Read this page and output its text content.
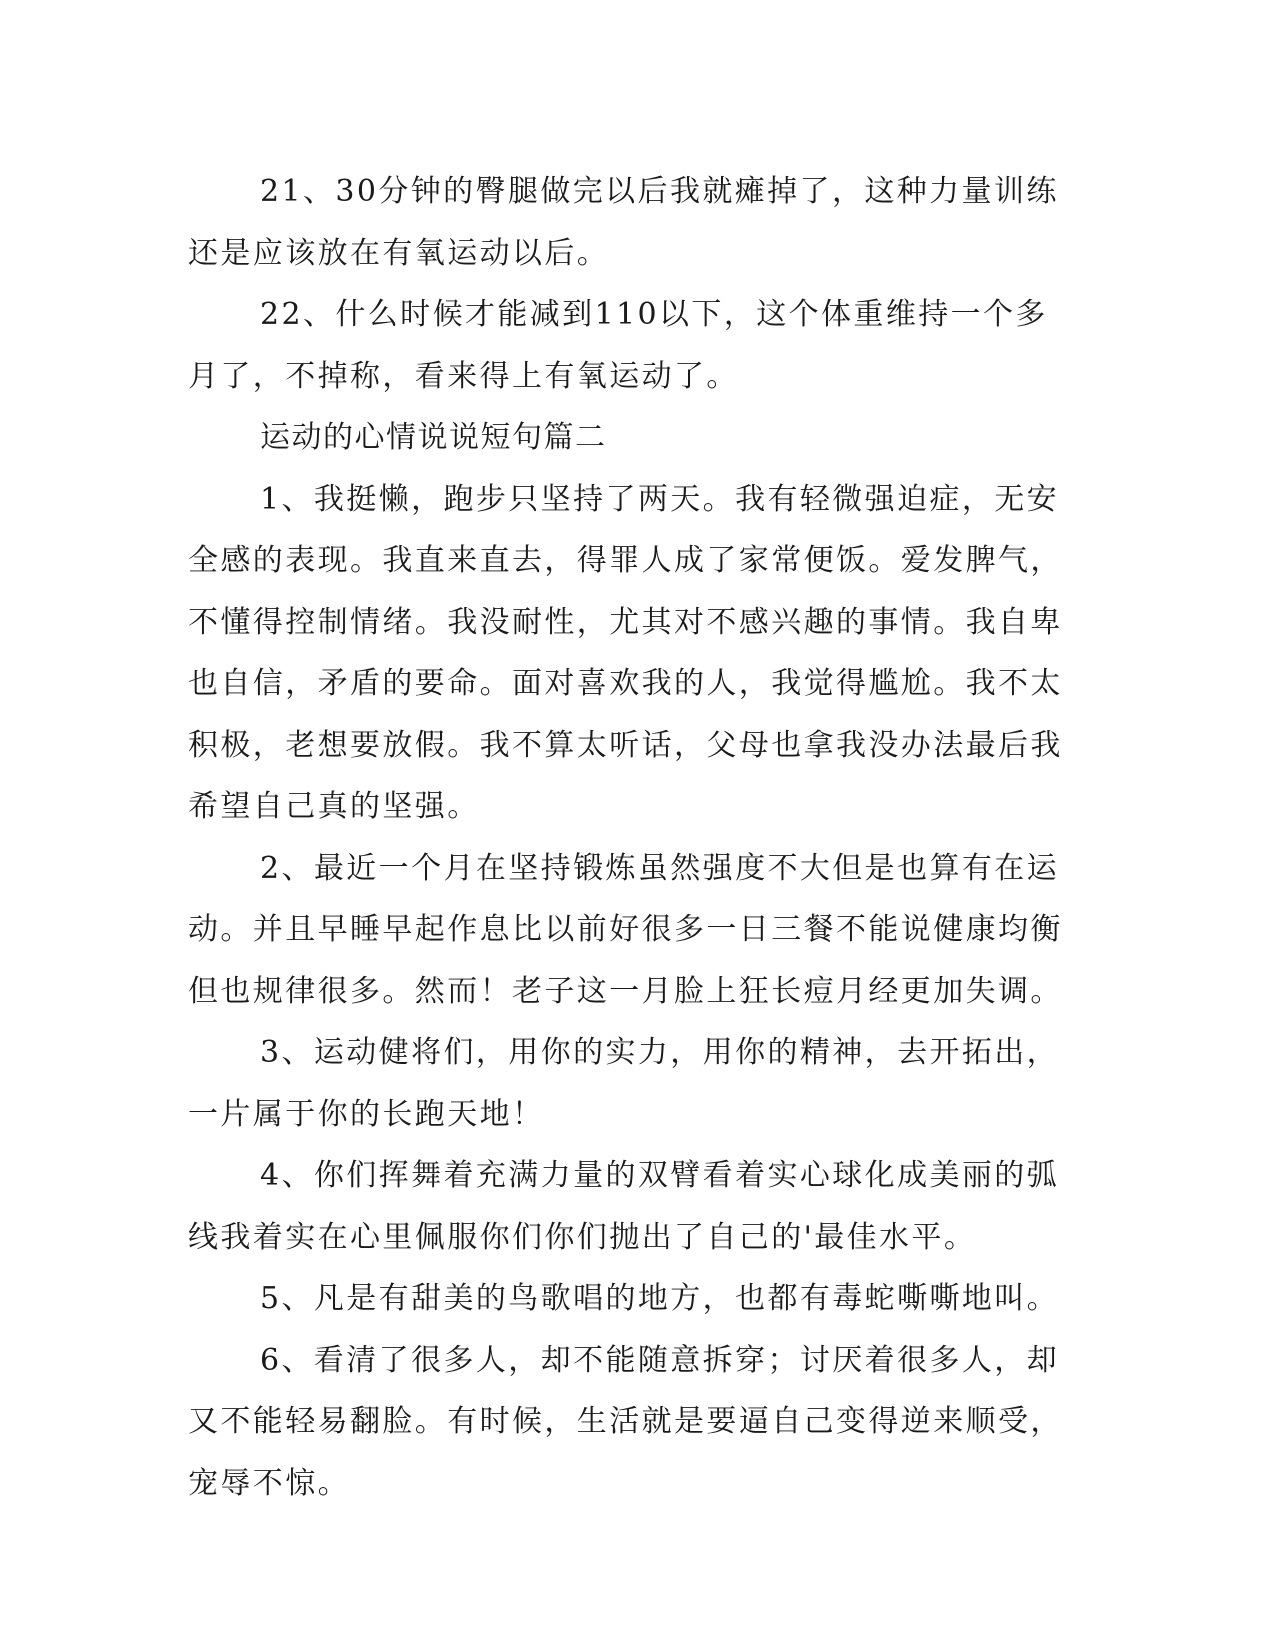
21、30分钟的臀腿做完以后我就瘫掉了，这种力量训练还是应该放在有氧运动以后。

22、什么时候才能减到110以下，这个体重维持一个多月了，不掉称，看来得上有氧运动了。

运动的心情说说短句篇二

1、我挺懒，跑步只坚持了两天。我有轻微强迫症，无安全感的表现。我直来直去，得罪人成了家常便饭。爱发脾气，不懂得控制情绪。我没耐性，尤其对不感兴趣的事情。我自卑也自信，矛盾的要命。面对喜欢我的人，我觉得尴尬。我不太积极，老想要放假。我不算太听话，父母也拿我没办法最后我希望自己真的坚强。

2、最近一个月在坚持锻炼虽然强度不大但是也算有在运动。并且早睡早起作息比以前好很多一日三餐不能说健康均衡但也规律很多。然而！老子这一月脸上狂长痘月经更加失调。

3、运动健将们，用你的实力，用你的精神，去开拓出，一片属于你的长跑天地！

4、你们挥舞着充满力量的双臂看着实心球化成美丽的弧线我着实在心里佩服你们你们抛出了自己的'最佳水平。

5、凡是有甜美的鸟歌唱的地方，也都有毒蛇嘶嘶地叫。

6、看清了很多人，却不能随意拆穿；讨厌着很多人，却又不能轻易翻脸。有时候，生活就是要逼自己变得逆来顺受，宠辱不惊。
